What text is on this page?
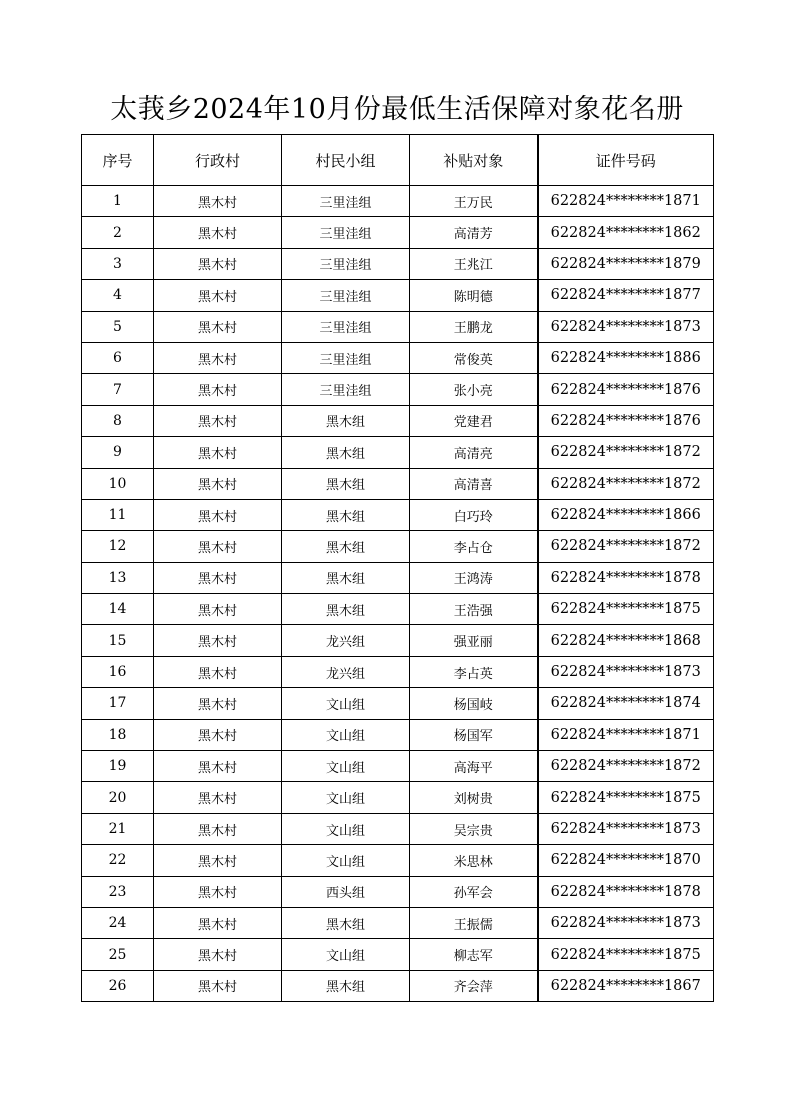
太莪乡2024年10月份最低生活保障对象花名册
序号	行政村	村民小组	补贴对象	证件号码
1	黑木村	三里洼组	王万民	622824********1871
2	黑木村	三里洼组	高清芳	622824********1862
3	黑木村	三里洼组	王兆江	622824********1879
4	黑木村	三里洼组	陈明德	622824********1877
5	黑木村	三里洼组	王鹏龙	622824********1873
6	黑木村	三里洼组	常俊英	622824********1886
7	黑木村	三里洼组	张小亮	622824********1876
8	黑木村	黑木组	党建君	622824********1876
9	黑木村	黑木组	高清亮	622824********1872
10	黑木村	黑木组	高清喜	622824********1872
11	黑木村	黑木组	白巧玲	622824********1866
12	黑木村	黑木组	李占仓	622824********1872
13	黑木村	黑木组	王鸿涛	622824********1878
14	黑木村	黑木组	王浩强	622824********1875
15	黑木村	龙兴组	强亚丽	622824********1868
16	黑木村	龙兴组	李占英	622824********1873
17	黑木村	文山组	杨国岐	622824********1874
18	黑木村	文山组	杨国军	622824********1871
19	黑木村	文山组	高海平	622824********1872
20	黑木村	文山组	刘树贵	622824********1875
21	黑木村	文山组	吴宗贵	622824********1873
22	黑木村	文山组	米思林	622824********1870
23	黑木村	西头组	孙军会	622824********1878
24	黑木村	黑木组	王振儒	622824********1873
25	黑木村	文山组	柳志军	622824********1875
26	黑木村	黑木组	齐会萍	622824********1867
